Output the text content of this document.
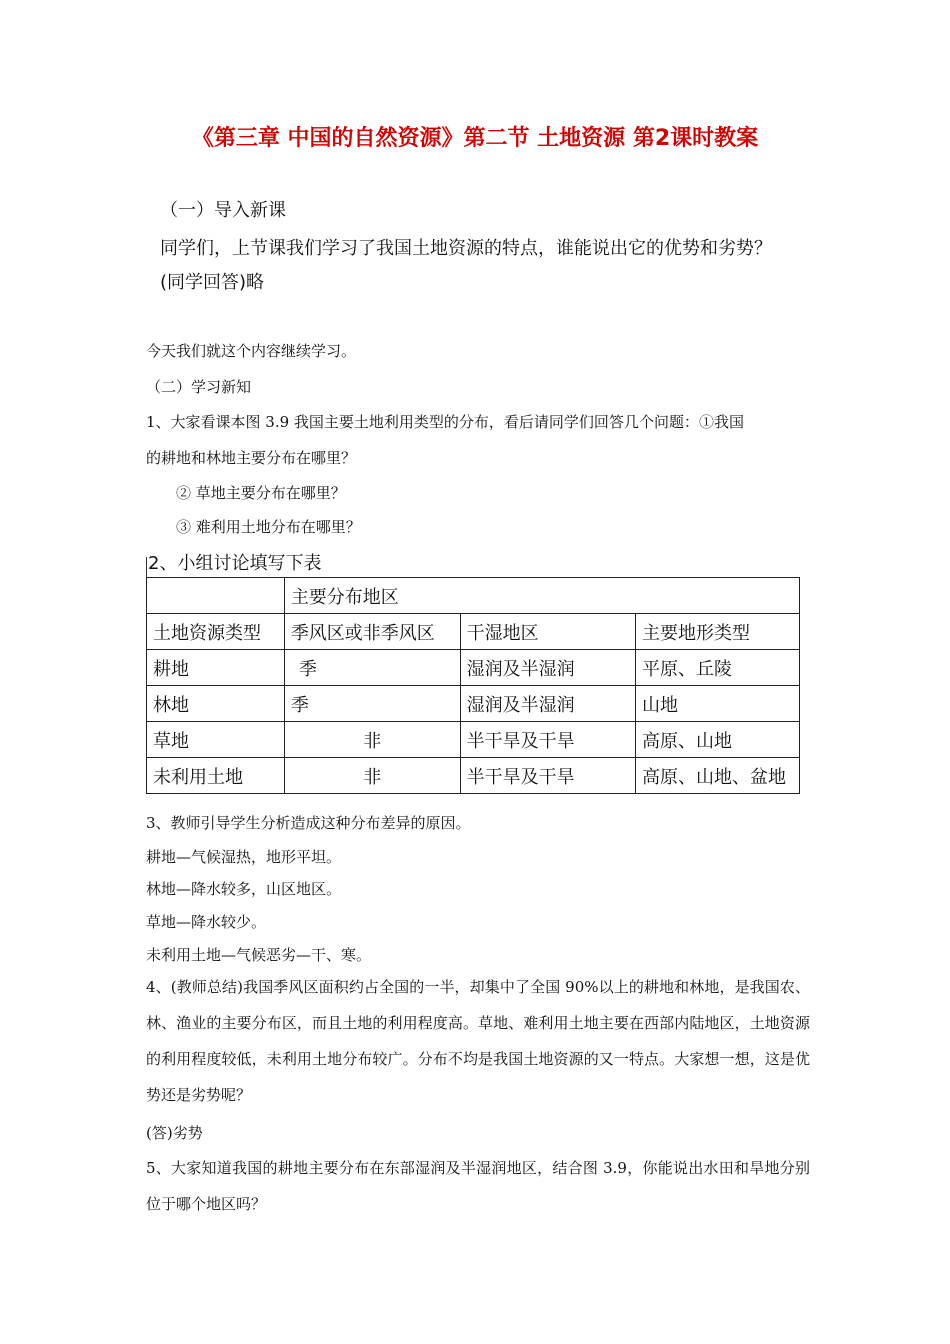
《第三章 中国的自然资源》第二节 土地资源 第2课时教案
（一）导入新课
同学们，上节课我们学习了我国土地资源的特点，谁能说出它的优势和劣势？
(同学回答)略
今天我们就这个内容继续学习。
（二）学习新知
1、大家看课本图 3.9 我国主要土地利用类型的分布，看后请同学们回答几个问题：①我国
的耕地和林地主要分布在哪里？
② 草地主要分布在哪里？
③ 难利用土地分布在哪里？
2、小组讨论填写下表
	主要分布地区		
土地资源类型	季风区或非季风区	干湿地区	主要地形类型
耕地	季	湿润及半湿润	平原、丘陵
林地	季	湿润及半湿润	山地
草地	非	半干旱及干旱	高原、山地
未利用土地	非	半干旱及干旱	高原、山地、盆地
3、教师引导学生分析造成这种分布差异的原因。
耕地—气候湿热，地形平坦。
林地—降水较多，山区地区。
草地—降水较少。
未利用土地—气候恶劣—干、寒。
4、(教师总结)我国季风区面积约占全国的一半，却集中了全国 90%以上的耕地和林地，是我国农、林、渔业的主要分布区，而且土地的利用程度高。草地、难利用土地主要在西部内陆地区，土地资源的利用程度较低，未利用土地分布较广。分布不均是我国土地资源的又一特点。大家想一想，这是优势还是劣势呢？
(答)劣势
5、大家知道我国的耕地主要分布在东部湿润及半湿润地区，结合图 3.9，你能说出水田和旱地分别位于哪个地区吗？
